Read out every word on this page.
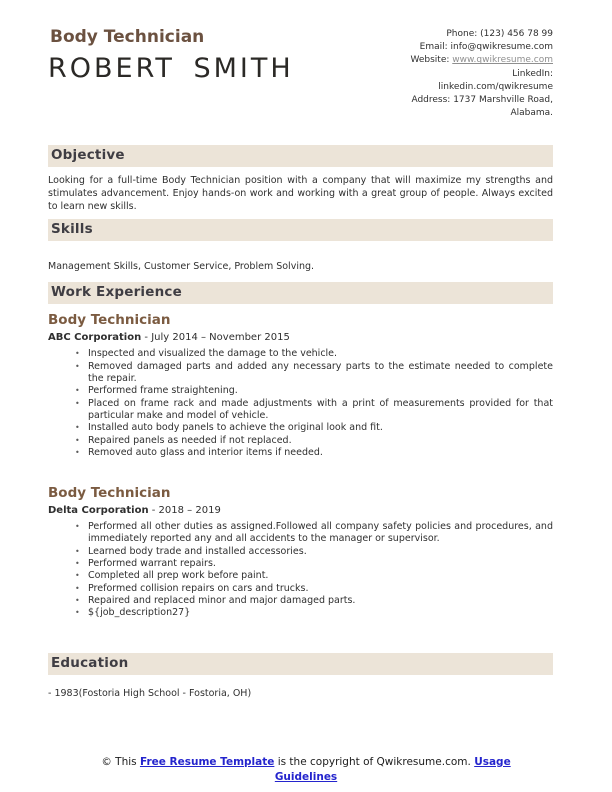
Body Technician
ROBERT SMITH
Phone: (123) 456 78 99
Email: info@qwikresume.com
Website: www.qwikresume.com
LinkedIn:
linkedin.com/qwikresume
Address: 1737 Marshville Road,
Alabama.
Objective

Looking for a full-time Body Technician position with a company that will maximize my strengths and stimulates advancement. Enjoy hands-on work and working with a great group of people. Always excited to learn new skills.

Skills

Management Skills, Customer Service, Problem Solving.

Work Experience
Body Technician
ABC Corporation - July 2014 – November 2015
• Inspected and visualized the damage to the vehicle.
• Removed damaged parts and added any necessary parts to the estimate needed to complete the repair.
• Performed frame straightening.
• Placed on frame rack and made adjustments with a print of measurements provided for that particular make and model of vehicle.
• Installed auto body panels to achieve the original look and fit.
• Repaired panels as needed if not replaced.
• Removed auto glass and interior items if needed.
Body Technician
Delta Corporation - 2018 – 2019
• Performed all other duties as assigned.Followed all company safety policies and procedures, and immediately reported any and all accidents to the manager or supervisor.
• Learned body trade and installed accessories.
• Performed warrant repairs.
• Completed all prep work before paint.
• Preformed collision repairs on cars and trucks.
• Repaired and replaced minor and major damaged parts.
• ${job_description27}
Education

- 1983(Fostoria High School - Fostoria, OH)

© This Free Resume Template is the copyright of Qwikresume.com. Usage Guidelines
